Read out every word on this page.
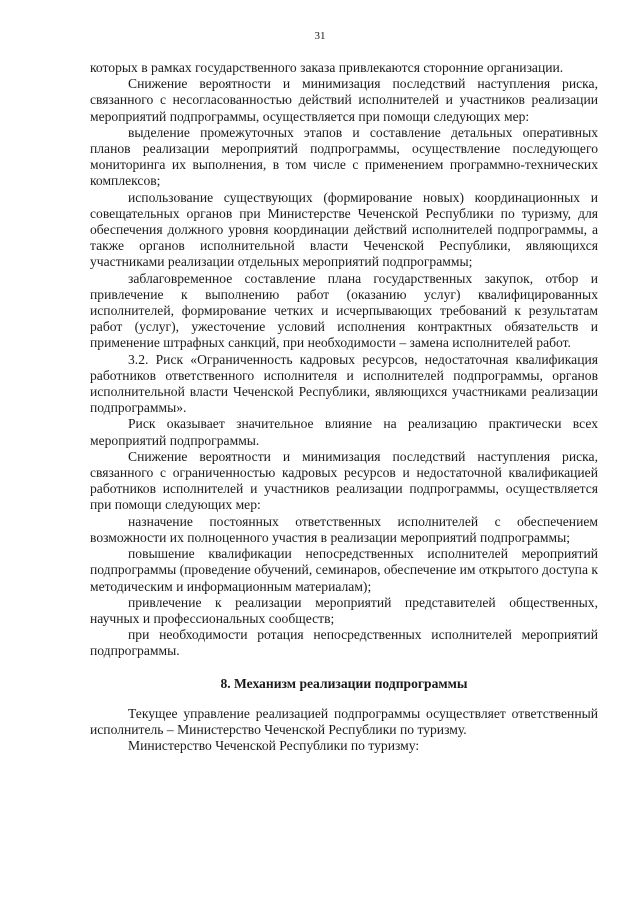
31

которых в рамках государственного заказа привлекаются сторонние организации.

Снижение вероятности и минимизация последствий наступления риска, связанного с несогласованностью действий исполнителей и участников реализации мероприятий подпрограммы, осуществляется при помощи следующих мер:

выделение промежуточных этапов и составление детальных оперативных планов реализации мероприятий подпрограммы, осуществление последующего мониторинга их выполнения, в том числе с применением программно-технических комплексов;

использование существующих (формирование новых) координационных и совещательных органов при Министерстве Чеченской Республики по туризму, для обеспечения должного уровня координации действий исполнителей подпрограммы, а также органов исполнительной власти Чеченской Республики, являющихся участниками реализации отдельных мероприятий подпрограммы;

заблаговременное составление плана государственных закупок, отбор и привлечение к выполнению работ (оказанию услуг) квалифицированных исполнителей, формирование четких и исчерпывающих требований к результатам работ (услуг), ужесточение условий исполнения контрактных обязательств и применение штрафных санкций, при необходимости – замена исполнителей работ.

3.2. Риск «Ограниченность кадровых ресурсов, недостаточная квалификация работников ответственного исполнителя и исполнителей подпрограммы, органов исполнительной власти Чеченской Республики, являющихся участниками реализации подпрограммы».

Риск оказывает значительное влияние на реализацию практически всех мероприятий подпрограммы.

Снижение вероятности и минимизация последствий наступления риска, связанного с ограниченностью кадровых ресурсов и недостаточной квалификацией работников исполнителей и участников реализации подпрограммы, осуществляется при помощи следующих мер:

назначение постоянных ответственных исполнителей с обеспечением возможности их полноценного участия в реализации мероприятий подпрограммы;

повышение квалификации непосредственных исполнителей мероприятий подпрограммы (проведение обучений, семинаров, обеспечение им открытого доступа к методическим и информационным материалам);

привлечение к реализации мероприятий представителей общественных, научных и профессиональных сообществ;

при необходимости ротация непосредственных исполнителей мероприятий подпрограммы.

8. Механизм реализации подпрограммы

Текущее управление реализацией подпрограммы осуществляет ответственный исполнитель – Министерство Чеченской Республики по туризму.

Министерство Чеченской Республики по туризму:
